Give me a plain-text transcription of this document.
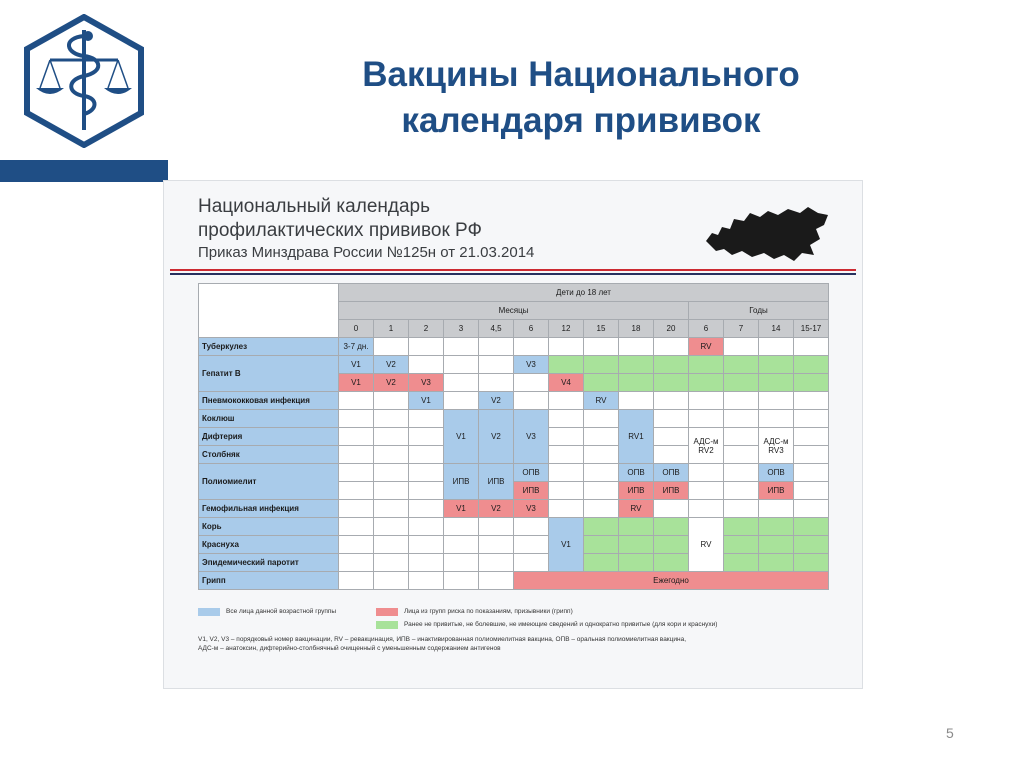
Вакцины Национального
календаря прививок
Национальный календарь
профилактических прививок РФ
Приказ Минздрава России №125н от 21.03.2014
	Дети до 18 лет													
	Месяцы										Годы			
	0	1	2	3	4,5	6	12	15	18	20	6	7	14	15-17
Туберкулез	3-7 дн.										RV			
Гепатит В	V1	V2				V3								
	V1	V2	V3				V4							
Пневмококковая инфекция			V1		V2			RV						
Коклюш				V1	V2	V3			RV1					
Дифтерия											АДС-м RV2		АДС-м RV3	
Столбняк														
Полиомиелит				ИПВ	ИПВ	ОПВ			ОПВ	ОПВ			ОПВ	
						ИПВ			ИПВ	ИПВ			ИПВ	
Гемофильная инфекция				V1	V2	V3			RV					
Корь							V1				RV			
Краснуха														
Эпидемический паротит														
Грипп						Ежегодно								
Все лица данной возрастной группы	Лица из групп риска по показаниям, призывники (грипп)
Ранее не привитые, не болевшие, не имеющие сведений и однократно привитые (для кори и краснухи)
V1, V2, V3 – порядковый номер вакцинации, RV – ревакцинация, ИПВ – инактивированная полиомиелитная вакцина, ОПВ – оральная полиомиелитная вакцина,
АДС-м – анатоксин, дифтерийно-столбнячный очищенный с уменьшенным содержанием антигенов
5
